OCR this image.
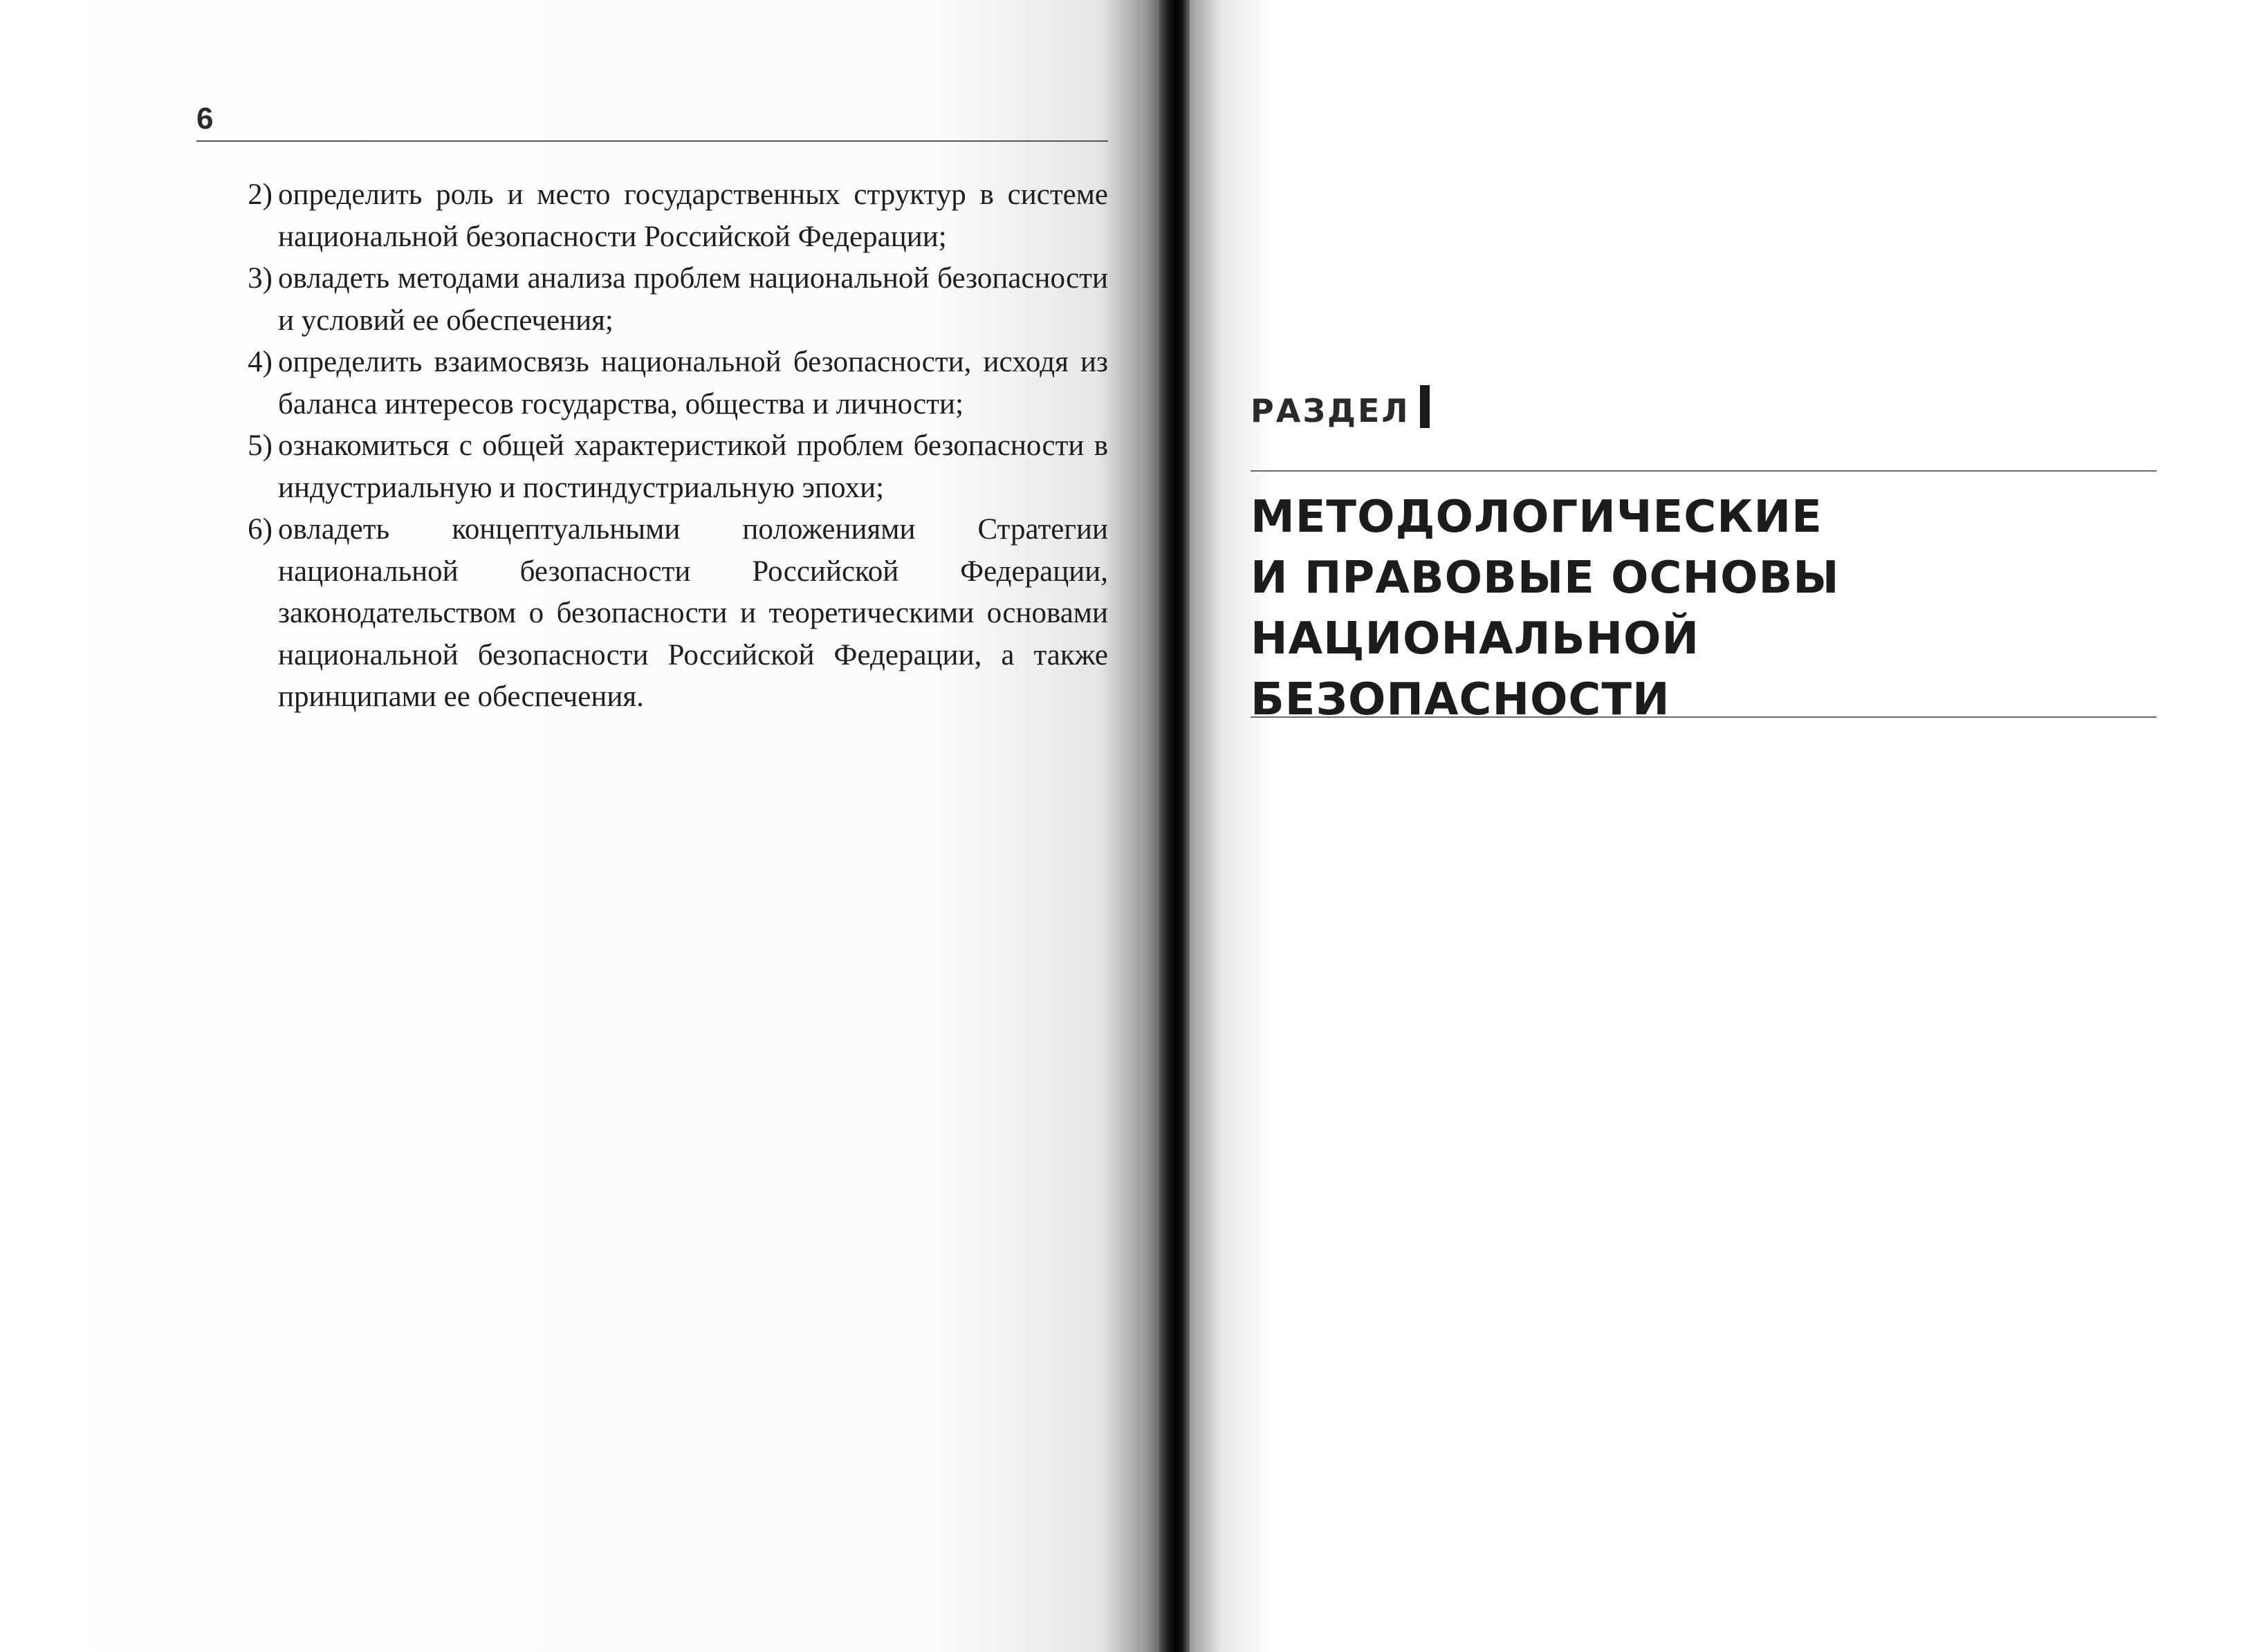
6
2) определить роль и место государственных структур в системе национальной безопасности Российской Федерации;
3) овладеть методами анализа проблем национальной безопасности и условий ее обеспечения;
4) определить взаимосвязь национальной безопасности, исходя из баланса интересов государства, общества и личности;
5) ознакомиться с общей характеристикой проблем безопасности в индустриальную и постиндустриальную эпохи;
6) овладеть концептуальными положениями Стратегии национальной безопасности Российской Федерации, законодательством о безопасности и теоретическими основами национальной безопасности Российской Федерации, а также принципами ее обеспечения.
РАЗДЕЛ
МЕТОДОЛОГИЧЕСКИЕ
И ПРАВОВЫЕ ОСНОВЫ
НАЦИОНАЛЬНОЙ
БЕЗОПАСНОСТИ
